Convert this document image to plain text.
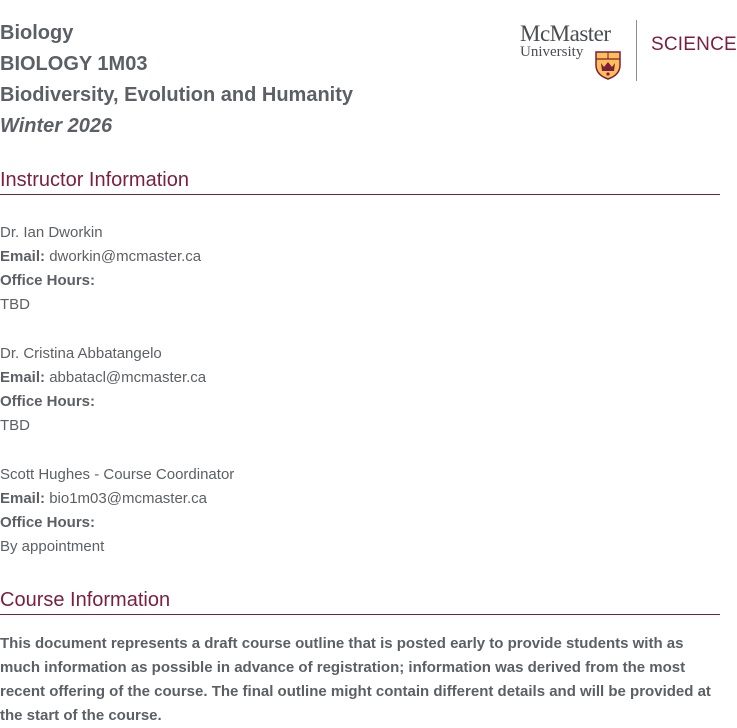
Biology
BIOLOGY 1M03
Biodiversity, Evolution and Humanity
Winter 2026
McMaster
University	SCIENCE
Instructor Information
Dr. Ian Dworkin
Email: dworkin@mcmaster.ca
Office Hours:
TBD
Dr. Cristina Abbatangelo
Email: abbatacl@mcmaster.ca
Office Hours:
TBD
Scott Hughes - Course Coordinator
Email: bio1m03@mcmaster.ca
Office Hours:
By appointment
Course Information
This document represents a draft course outline that is posted early to provide students with as much information as possible in advance of registration; information was derived from the most recent offering of the course. The final outline might contain different details and will be provided at the start of the course.
